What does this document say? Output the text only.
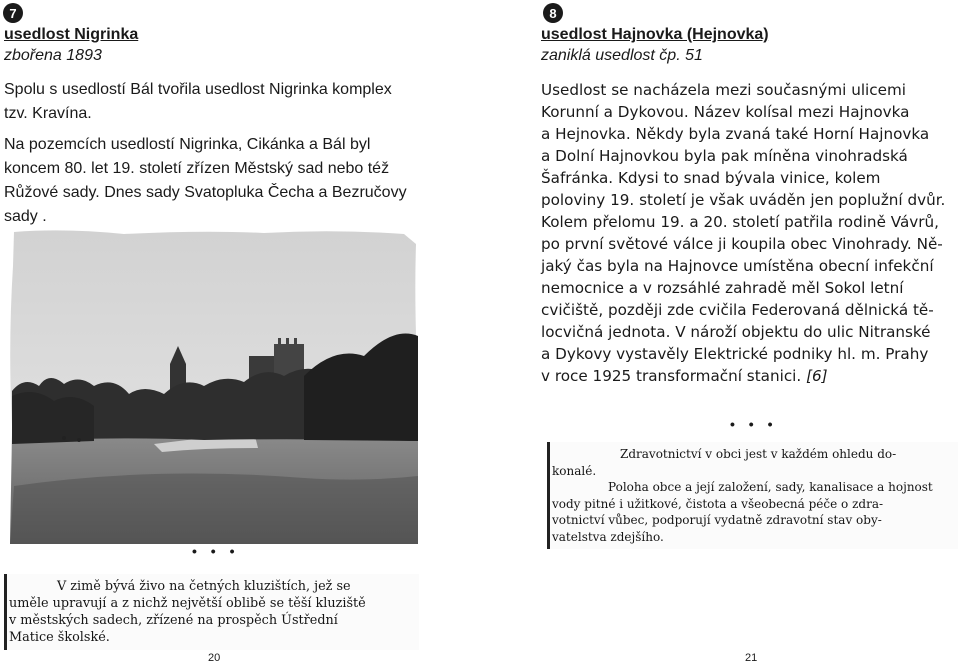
7
usedlost Nigrinka
zbořena 1893

Spolu s usedlostí Bál tvořila usedlost Nigrinka komplex tzv. Kravína.

Na pozemcích usedlostí Nigrinka, Cikánka a Bál byl koncem 80. let 19. století zřízen Městský sad nebo též Růžové sady. Dnes sady Svatopluka Čecha a Bezručovy sady .

• • •
V zimě bývá živo na četných kluzištích, jež se
uměle upravují a z nichž největší oblibě se těší kluziště
v městských sadech, zřízené na prospěch Ústřední
Matice školské.
20
8
usedlost Hajnovka (Hejnovka)
zaniklá usedlost čp. 51
Usedlost se nacházela mezi současnými ulicemi
Korunní a Dykovou. Název kolísal mezi Hajnovka
a Hejnovka. Někdy byla zvaná také Horní Hajnovka
a Dolní Hajnovkou byla pak míněna vinohradská
Šafránka. Kdysi to snad bývala vinice, kolem
poloviny 19. století je však uváděn jen poplužní dvůr.
Kolem přelomu 19. a 20. století patřila rodině Vávrů,
po první světové válce ji koupila obec Vinohrady. Ně-
jaký čas byla na Hajnovce umístěna obecní infekční
nemocnice a v rozsáhlé zahradě měl Sokol letní
cvičiště, později zde cvičila Federovaná dělnická tě-
locvičná jednota. V nároží objektu do ulic Nitranské
a Dykovy vystavěly Elektrické podniky hl. m. Prahy
v roce 1925 transformační stanici. [6]
• • •
Zdravotnictví v obci jest v každém ohledu do-
konalé.
Poloha obce a její založení, sady, kanalisace a hojnost
vody pitné i užitkové, čistota a všeobecná péče o zdra-
votnictví vůbec, podporují vydatně zdravotní stav oby-
vatelstva zdejšího.
21
